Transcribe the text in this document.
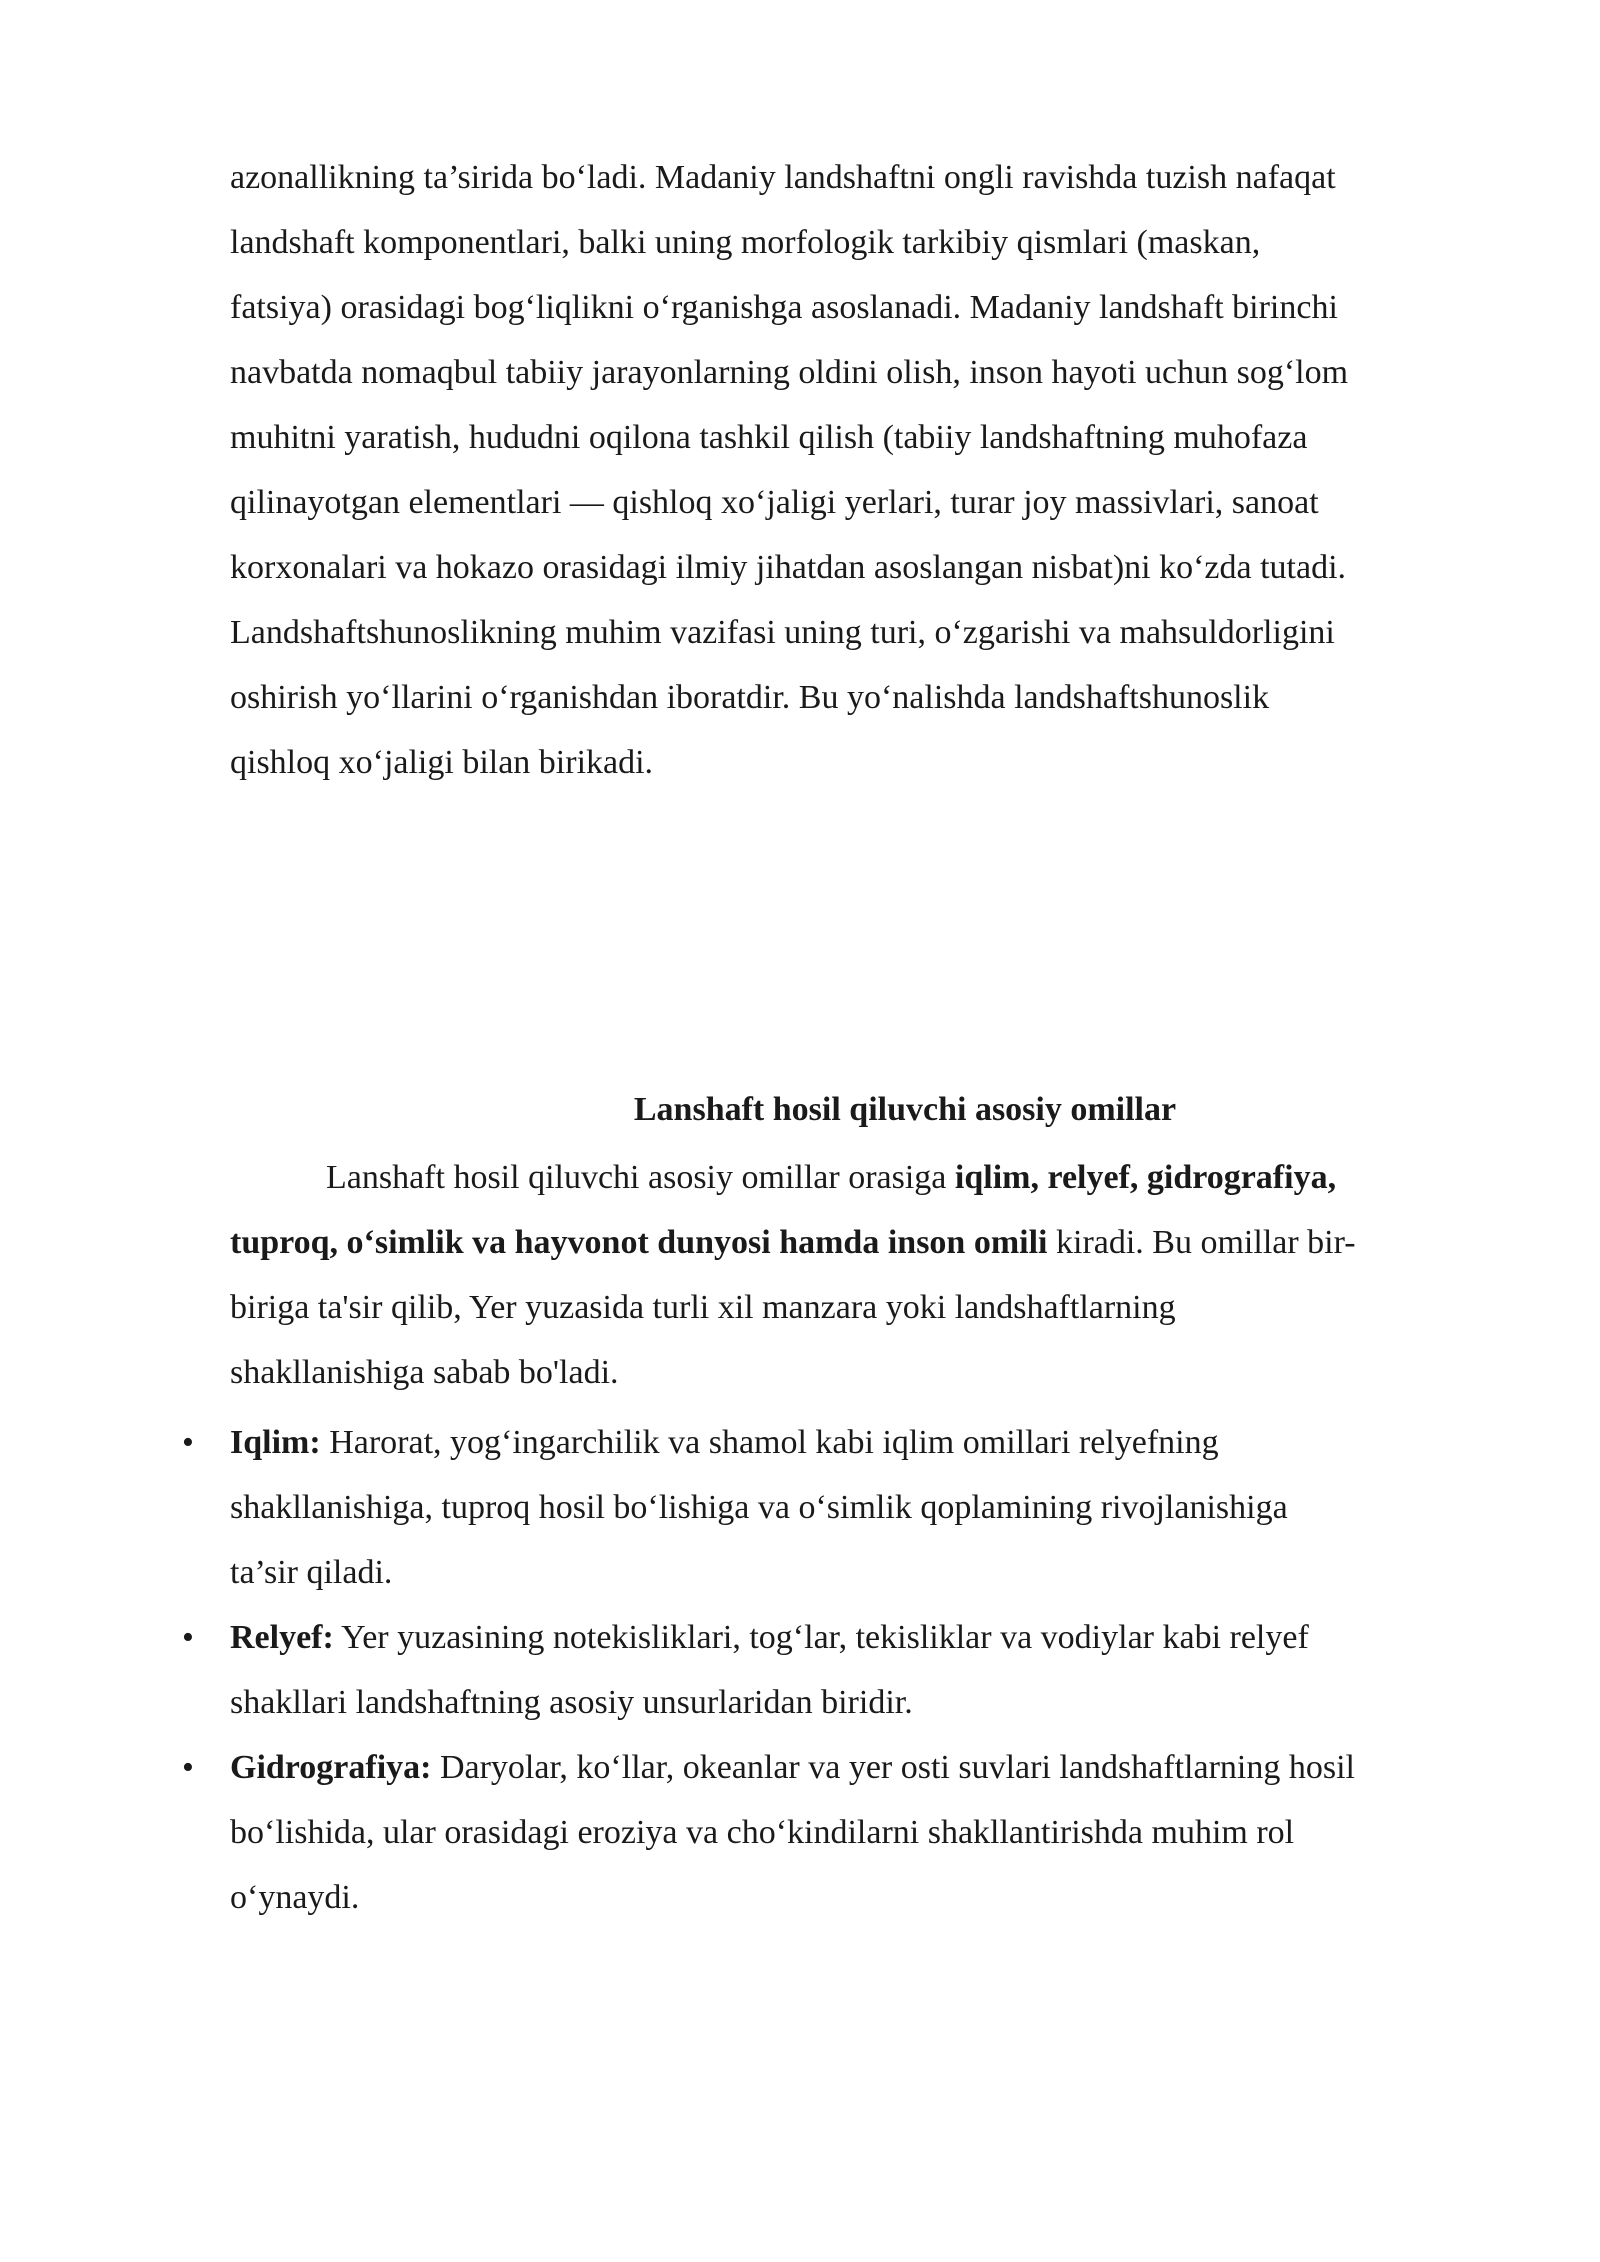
azonallikning ta’sirida bo‘ladi. Madaniy landshaftni ongli ravishda tuzish nafaqat
landshaft komponentlari, balki uning morfologik tarkibiy qismlari (maskan,
fatsiya) orasidagi bog‘liqlikni o‘rganishga asoslanadi. Madaniy landshaft birinchi
navbatda nomaqbul tabiiy jarayonlarning oldini olish, inson hayoti uchun sog‘lom
muhitni yaratish, hududni oqilona tashkil qilish (tabiiy landshaftning muhofaza
qilinayotgan elementlari — qishloq xo‘jaligi yerlari, turar joy massivlari, sanoat
korxonalari va hokazo orasidagi ilmiy jihatdan asoslangan nisbat)ni ko‘zda tutadi.
Landshaftshunoslikning muhim vazifasi uning turi, o‘zgarishi va mahsuldorligini
oshirish yo‘llarini o‘rganishdan iboratdir. Bu yo‘nalishda landshaftshunoslik
qishloq xo‘jaligi bilan birikadi.
Lanshaft hosil qiluvchi asosiy omillar
Lanshaft hosil qiluvchi asosiy omillar orasiga iqlim, relyef, gidrografiya,
tuproq, o‘simlik va hayvonot dunyosi hamda inson omili kiradi. Bu omillar bir-
biriga ta'sir qilib, Yer yuzasida turli xil manzara yoki landshaftlarning
shakllanishiga sabab bo'ladi.
• Iqlim: Harorat, yog‘ingarchilik va shamol kabi iqlim omillari relyefning
shakllanishiga, tuproq hosil bo‘lishiga va o‘simlik qoplamining rivojlanishiga
ta’sir qiladi.
• Relyef: Yer yuzasining notekisliklari, tog‘lar, tekisliklar va vodiylar kabi relyef
shakllari landshaftning asosiy unsurlaridan biridir.
• Gidrografiya: Daryolar, ko‘llar, okeanlar va yer osti suvlari landshaftlarning hosil
bo‘lishida, ular orasidagi eroziya va cho‘kindilarni shakllantirishda muhim rol
o‘ynaydi.
